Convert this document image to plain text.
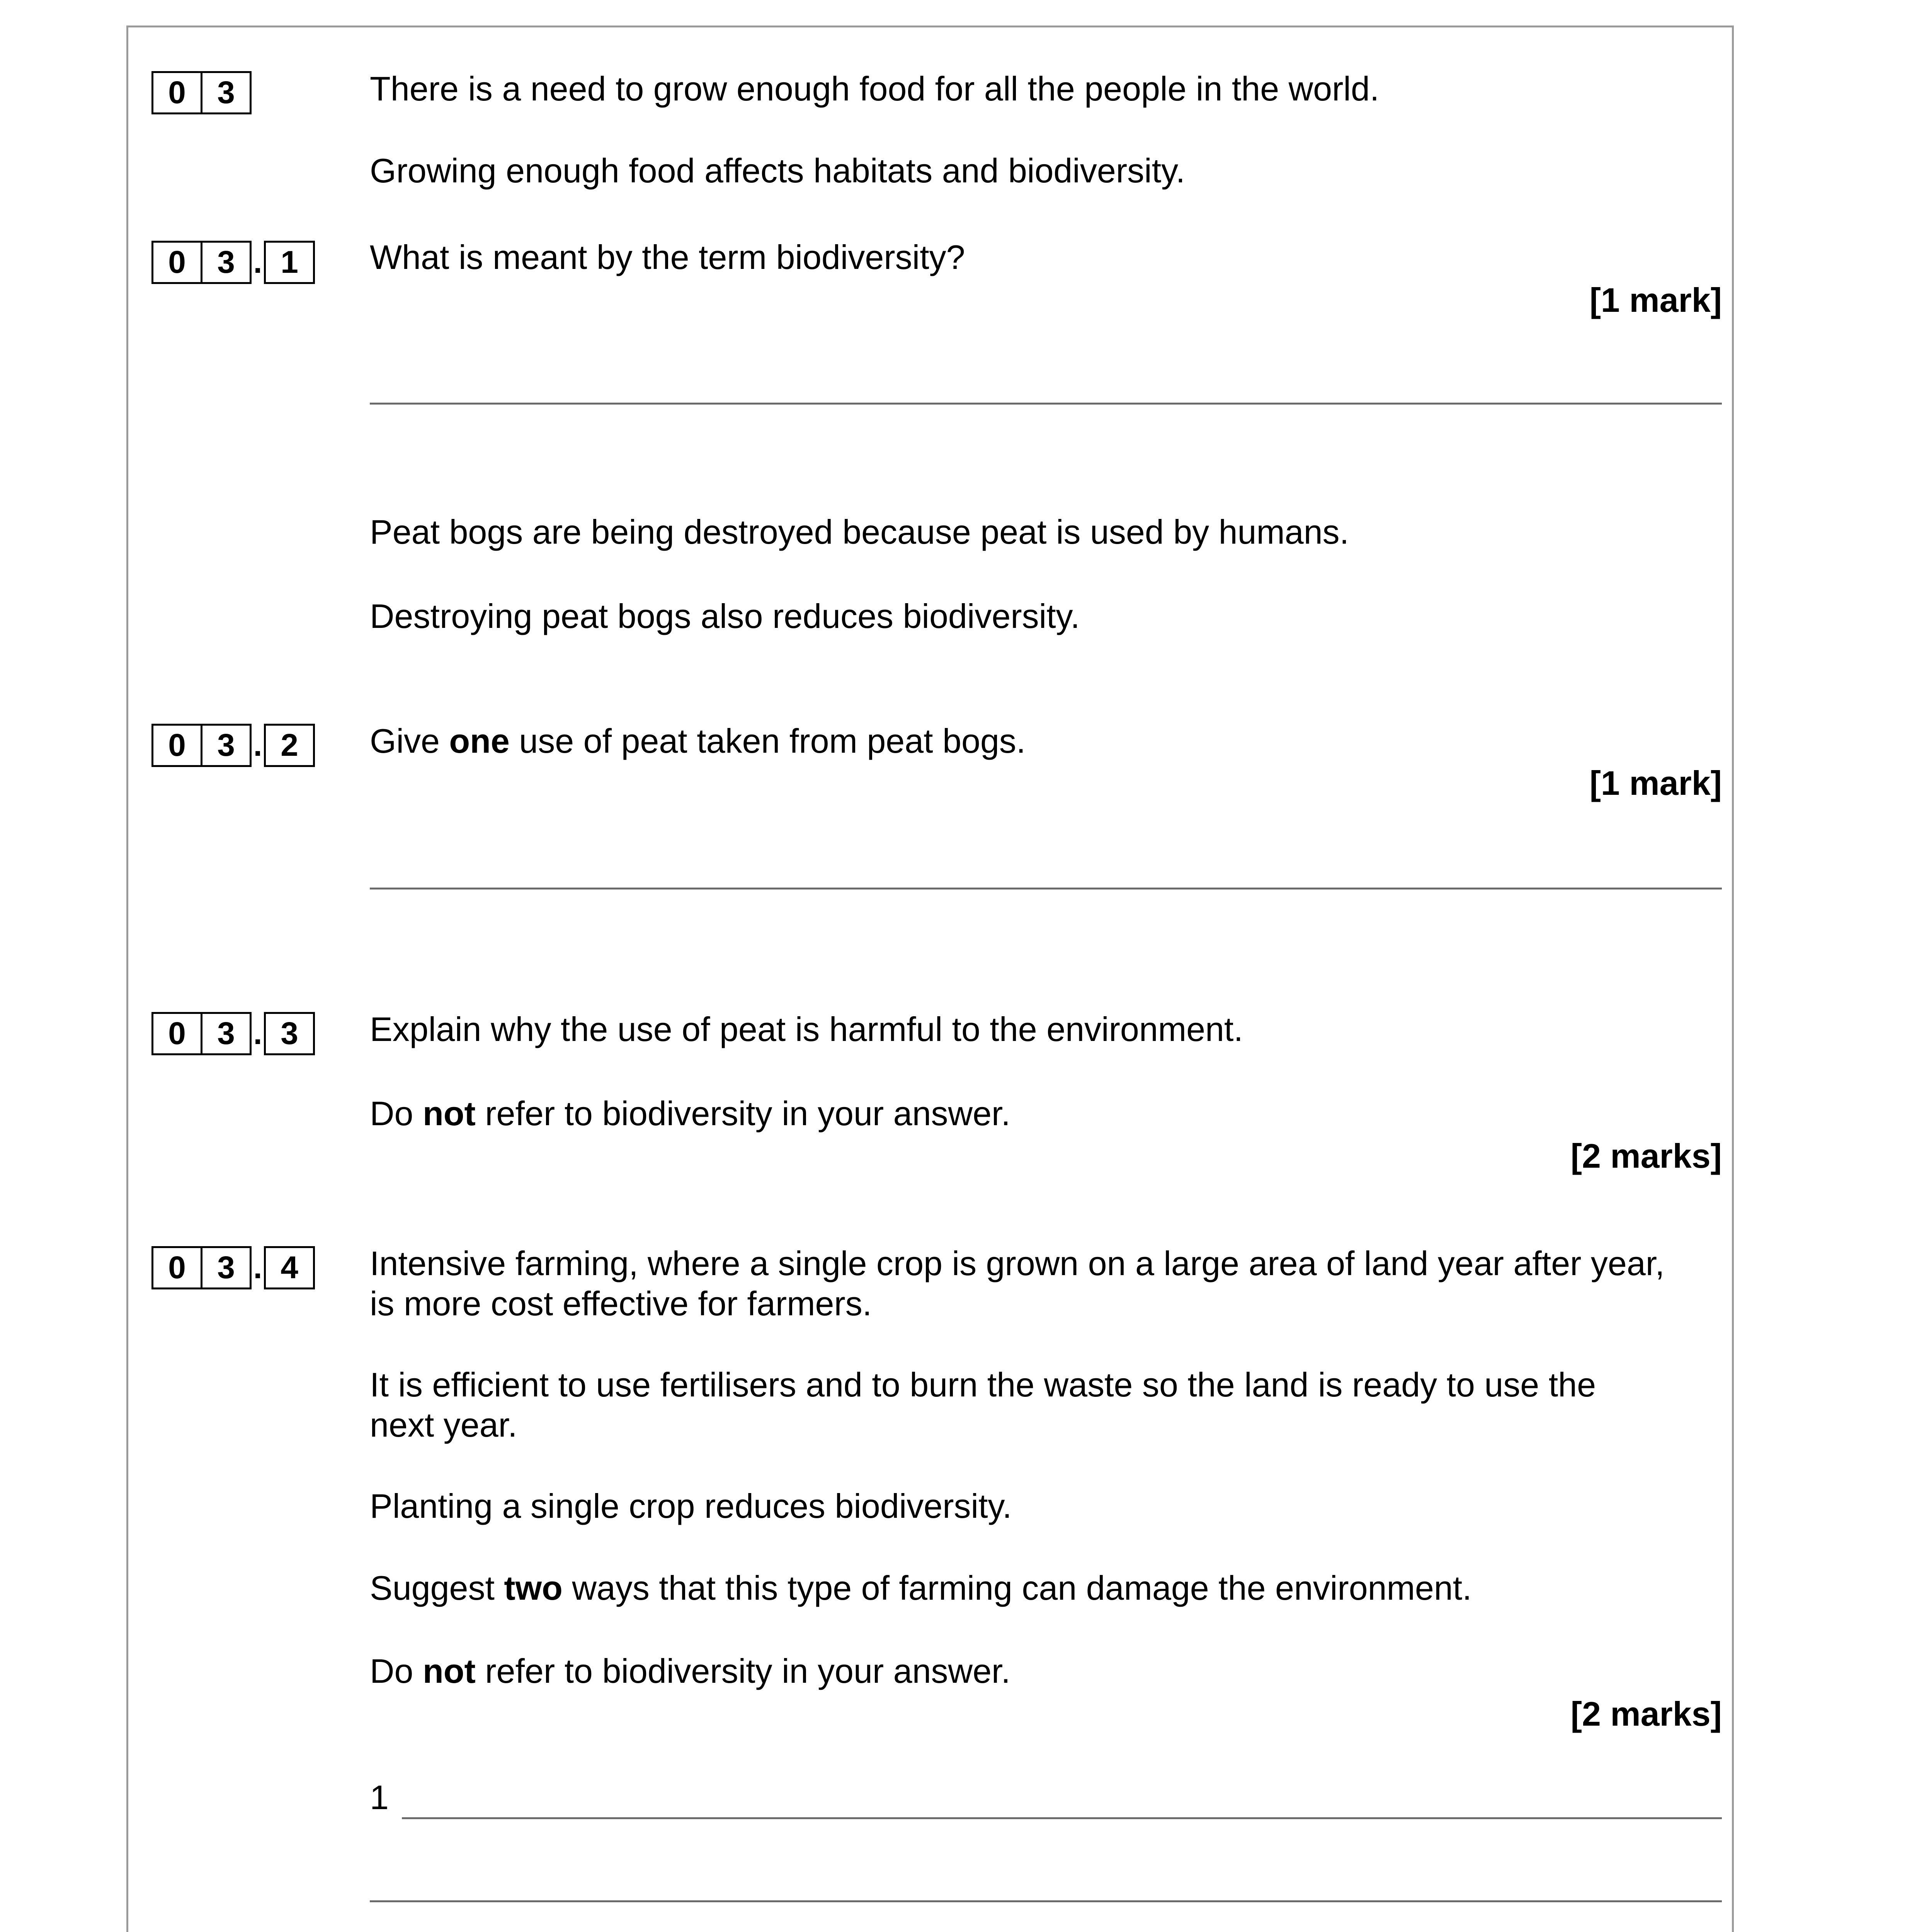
0 3	There is a need to grow enough food for all the people in the world.
Growing enough food affects habitats and biodiversity.
0 3 . 1	What is meant by the term biodiversity?
[1 mark]
Peat bogs are being destroyed because peat is used by humans.
Destroying peat bogs also reduces biodiversity.
0 3 . 2	Give one use of peat taken from peat bogs.
[1 mark]
0 3 . 3	Explain why the use of peat is harmful to the environment.
Do not refer to biodiversity in your answer.
[2 marks]
0 3 . 4	Intensive farming, where a single crop is grown on a large area of land year after year,
is more cost effective for farmers.
It is efficient to use fertilisers and to burn the waste so the land is ready to use the
next year.
Planting a single crop reduces biodiversity.
Suggest two ways that this type of farming can damage the environment.
Do not refer to biodiversity in your answer.
[2 marks]
1
